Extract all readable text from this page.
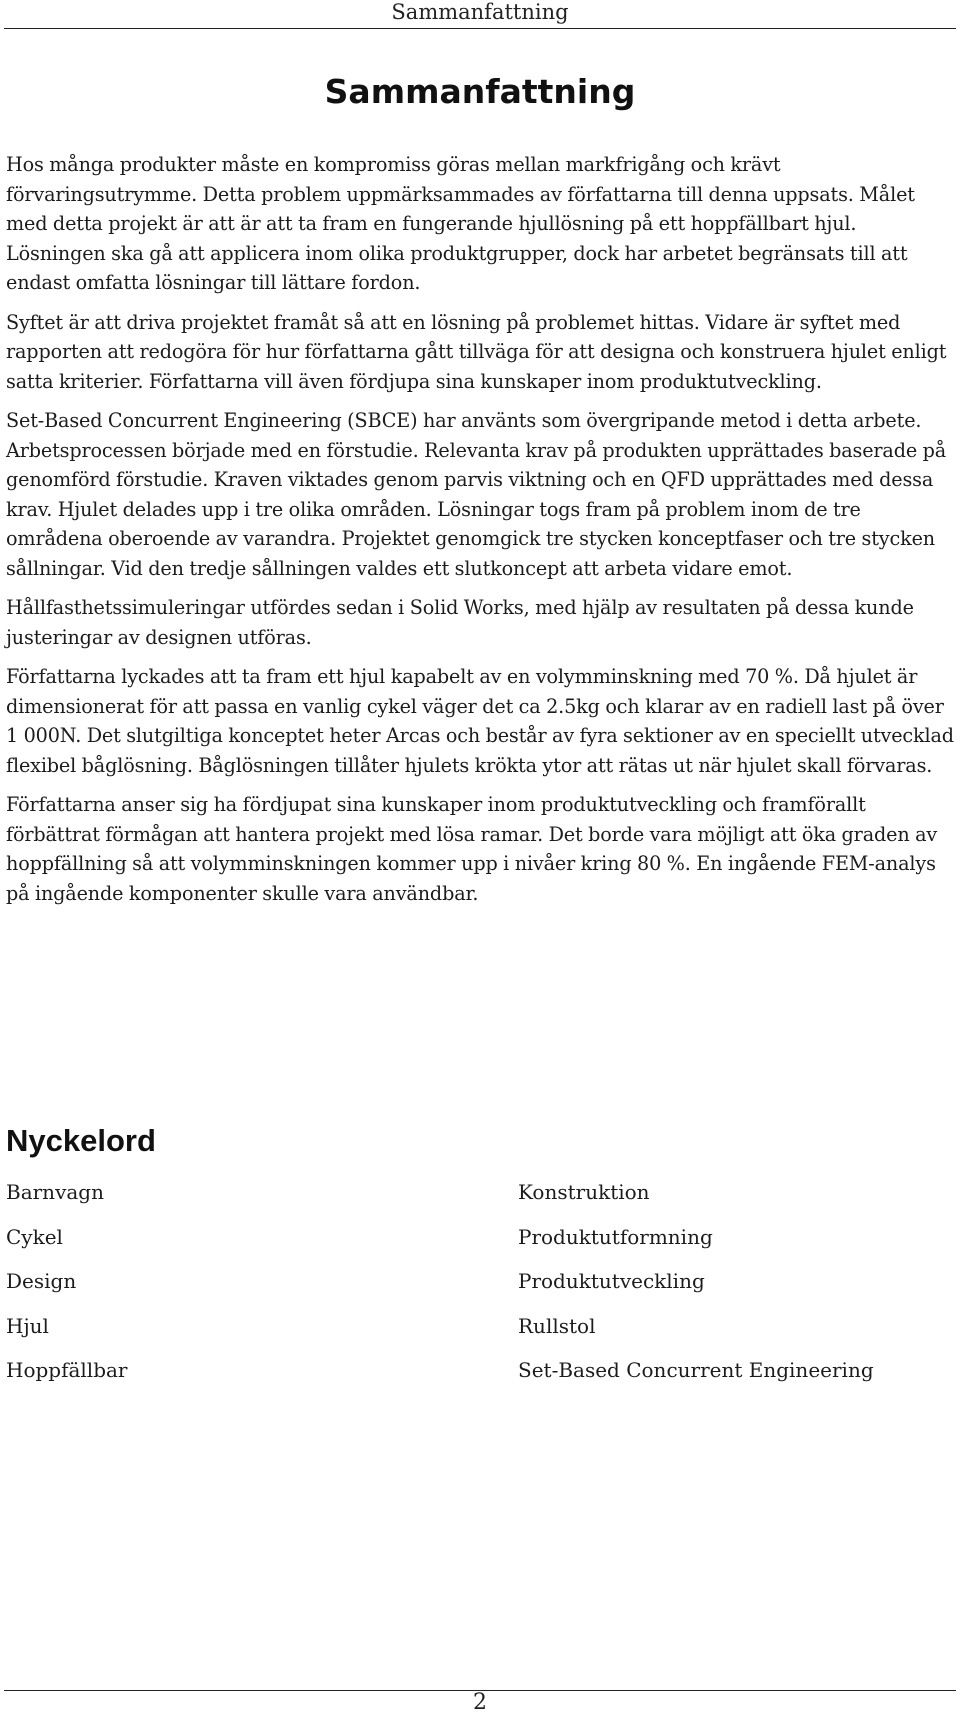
Sammanfattning
Sammanfattning

Hos många produkter måste en kompromiss göras mellan markfrigång och krävt förvaringsutrymme. Detta problem uppmärksammades av författarna till denna uppsats. Målet med detta projekt är att är att ta fram en fungerande hjullösning på ett hoppfällbart hjul. Lösningen ska gå att applicera inom olika produktgrupper, dock har arbetet begränsats till att endast omfatta lösningar till lättare fordon.

Syftet är att driva projektet framåt så att en lösning på problemet hittas. Vidare är syftet med rapporten att redogöra för hur författarna gått tillväga för att designa och konstruera hjulet enligt satta kriterier. Författarna vill även fördjupa sina kunskaper inom produktutveckling.

Set-Based Concurrent Engineering (SBCE) har använts som övergripande metod i detta arbete. Arbetsprocessen började med en förstudie. Relevanta krav på produkten upprättades baserade på genomförd förstudie. Kraven viktades genom parvis viktning och en QFD upprättades med dessa krav. Hjulet delades upp i tre olika områden. Lösningar togs fram på problem inom de tre områdena oberoende av varandra. Projektet genomgick tre stycken konceptfaser och tre stycken sållningar. Vid den tredje sållningen valdes ett slutkoncept att arbeta vidare emot.

Hållfasthetssimuleringar utfördes sedan i Solid Works, med hjälp av resultaten på dessa kunde justeringar av designen utföras.

Författarna lyckades att ta fram ett hjul kapabelt av en volymminskning med 70 %. Då hjulet är dimensionerat för att passa en vanlig cykel väger det ca 2.5kg och klarar av en radiell last på över 1 000N. Det slutgiltiga konceptet heter Arcas och består av fyra sektioner av en speciellt utvecklad flexibel båglösning. Båglösningen tillåter hjulets krökta ytor att rätas ut när hjulet skall förvaras.

Författarna anser sig ha fördjupat sina kunskaper inom produktutveckling och framförallt förbättrat förmågan att hantera projekt med lösa ramar. Det borde vara möjligt att öka graden av hoppfällning så att volymminskningen kommer upp i nivåer kring 80 %. En ingående FEM-analys på ingående komponenter skulle vara användbar.

Nyckelord
Barnvagn
Cykel
Design
Hjul
Hoppfällbar
Konstruktion
Produktutformning
Produktutveckling
Rullstol
Set-Based Concurrent Engineering
2
